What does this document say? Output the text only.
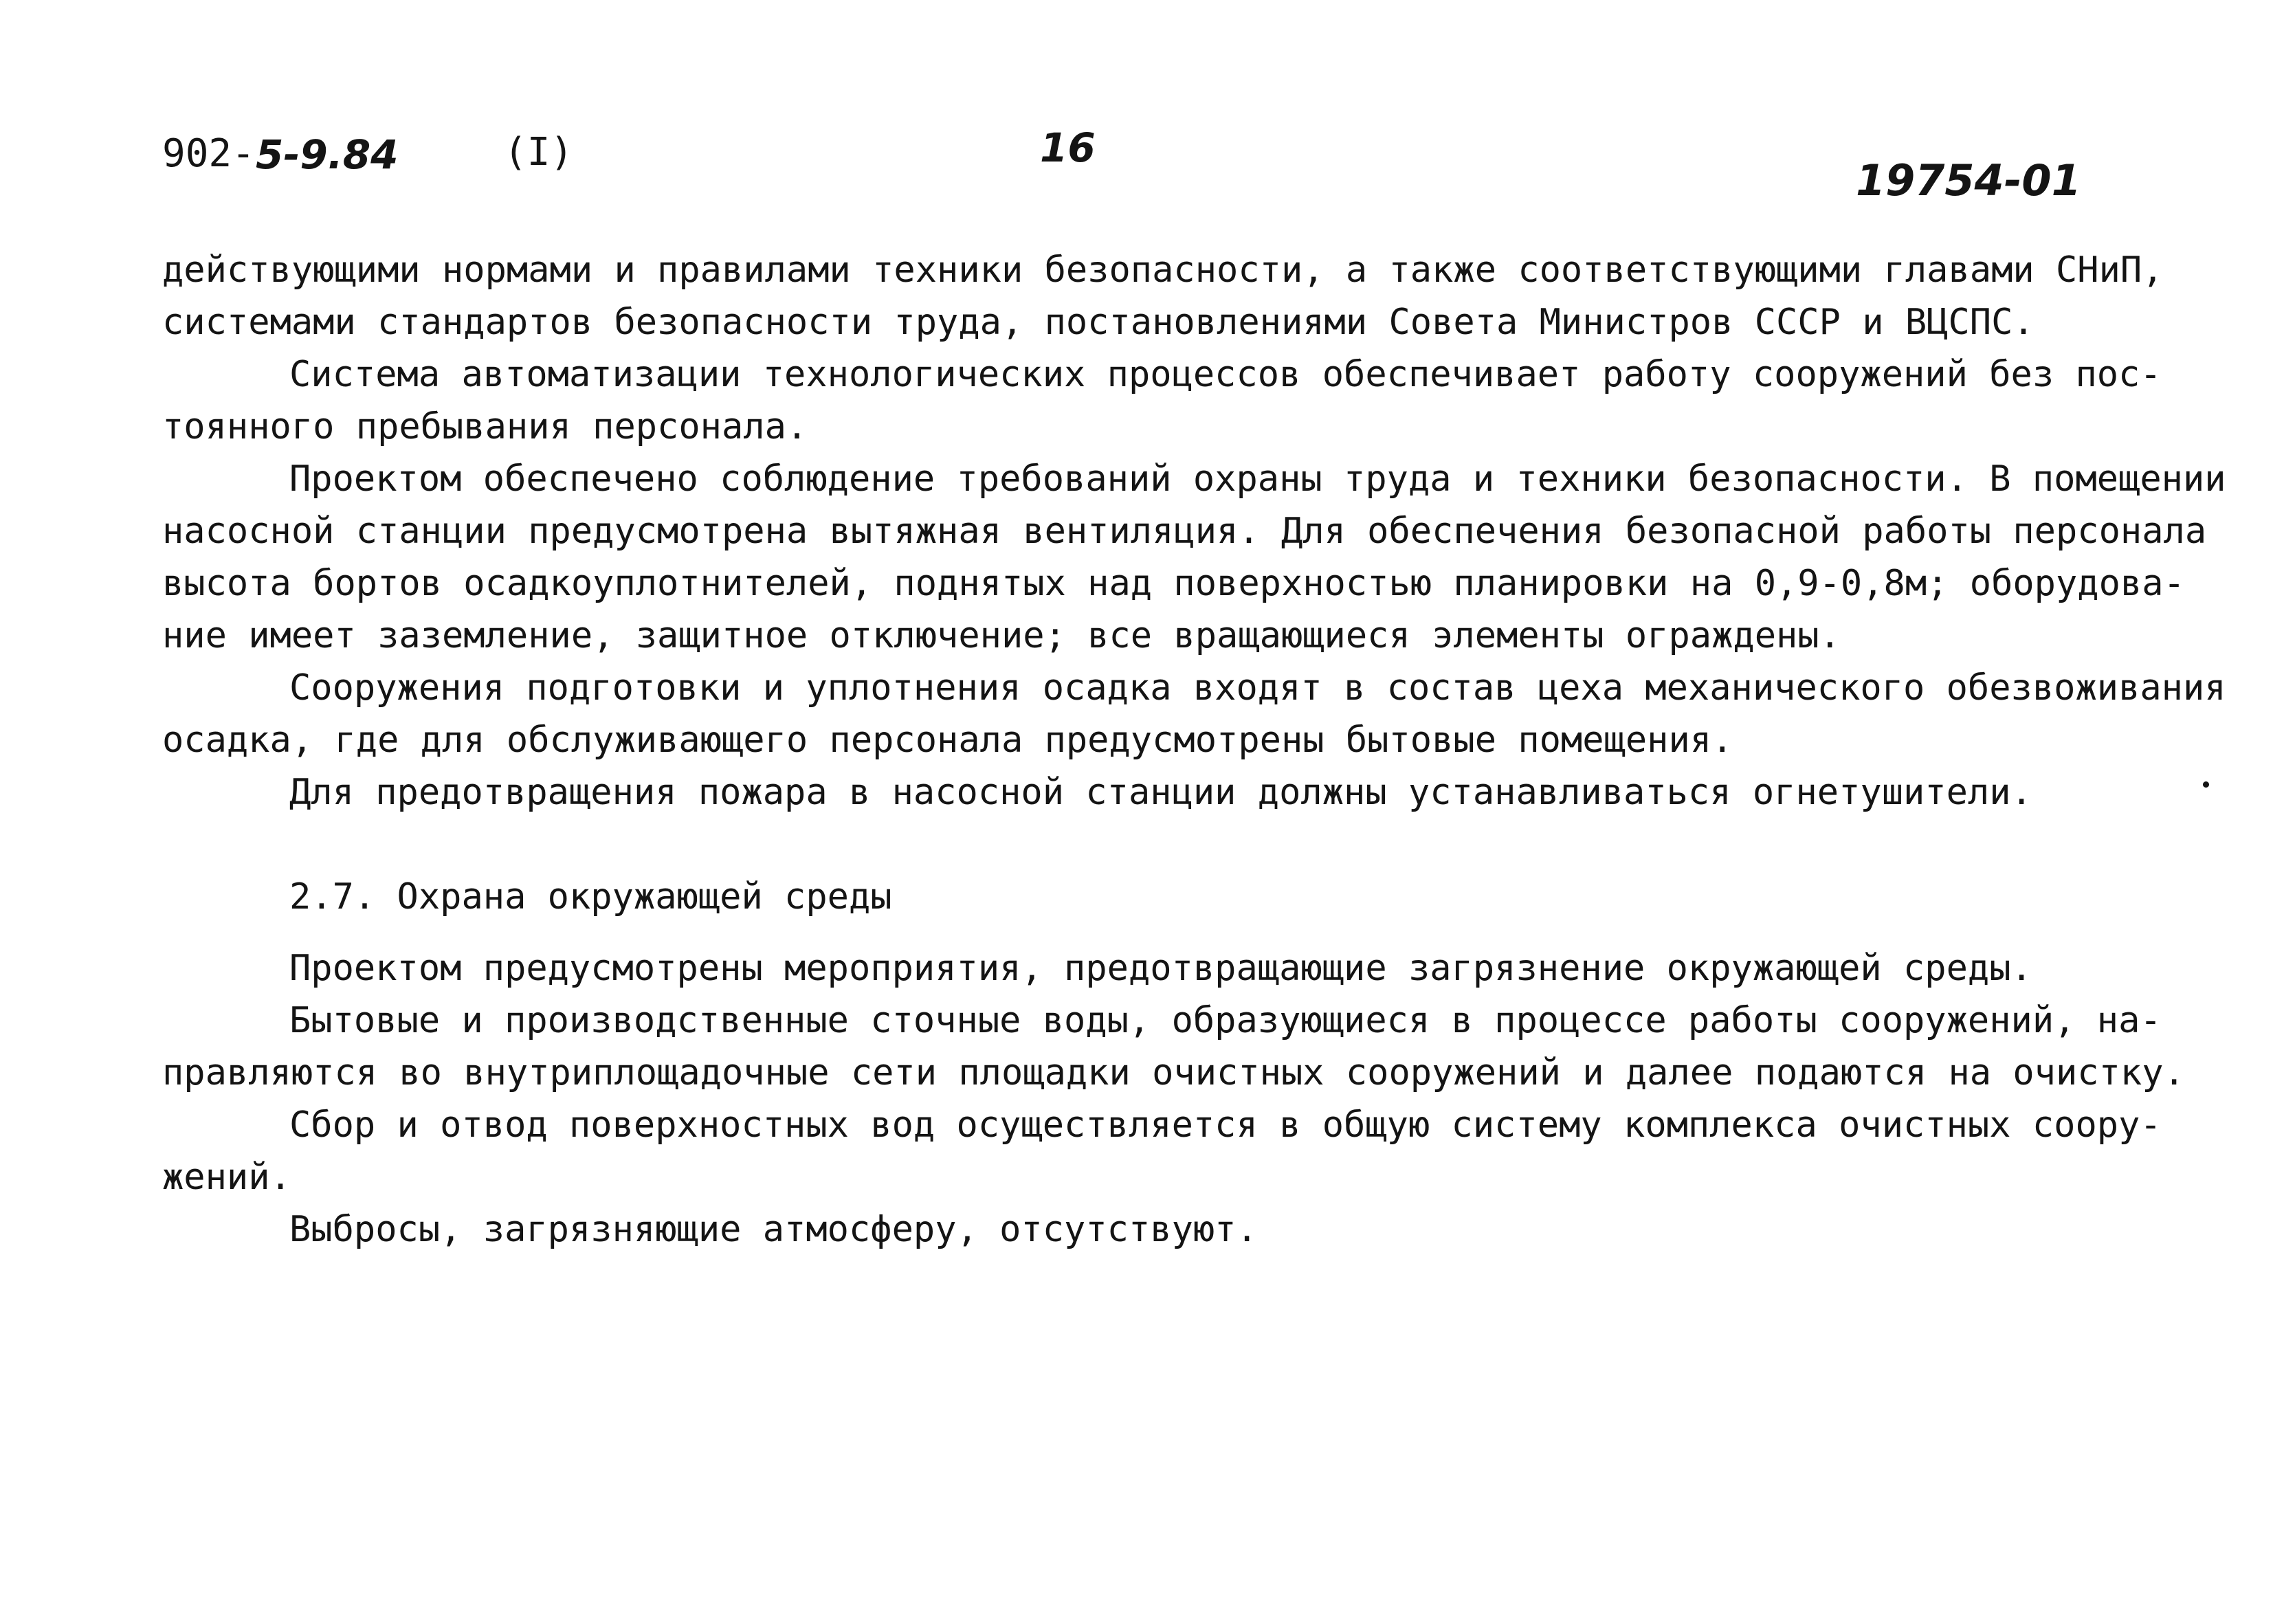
902- 5-9.84	(I)	16
19754-01
действующими нормами и правилами техники безопасности, а также соответствующими главами СНиП,
системами стандартов безопасности труда, постановлениями Совета Министров СССР и ВЦСПС.
Система автоматизации технологических процессов обеспечивает работу сооружений без пос-
тоянного пребывания персонала.
Проектом обеспечено соблюдение требований охраны труда и техники безопасности. В помещении
насосной станции предусмотрена вытяжная вентиляция. Для обеспечения безопасной работы персонала
высота бортов осадкоуплотнителей, поднятых над поверхностью планировки на 0,9-0,8м; оборудова-
ние имеет заземление, защитное отключение; все вращающиеся элементы ограждены.
Сооружения подготовки и уплотнения осадка входят в состав цеха механического обезвоживания
осадка, где для обслуживающего персонала предусмотрены бытовые помещения.
Для предотвращения пожара в насосной станции должны устанавливаться огнетушители.
2.7. Охрана окружающей среды
Проектом предусмотрены мероприятия, предотвращающие загрязнение окружающей среды.
Бытовые и производственные сточные воды, образующиеся в процессе работы сооружений, на-
правляются во внутриплощадочные сети площадки очистных сооружений и далее подаются на очистку.
Сбор и отвод поверхностных вод осуществляется в общую систему комплекса очистных соору-
жений.
Выбросы, загрязняющие атмосферу, отсутствуют.
